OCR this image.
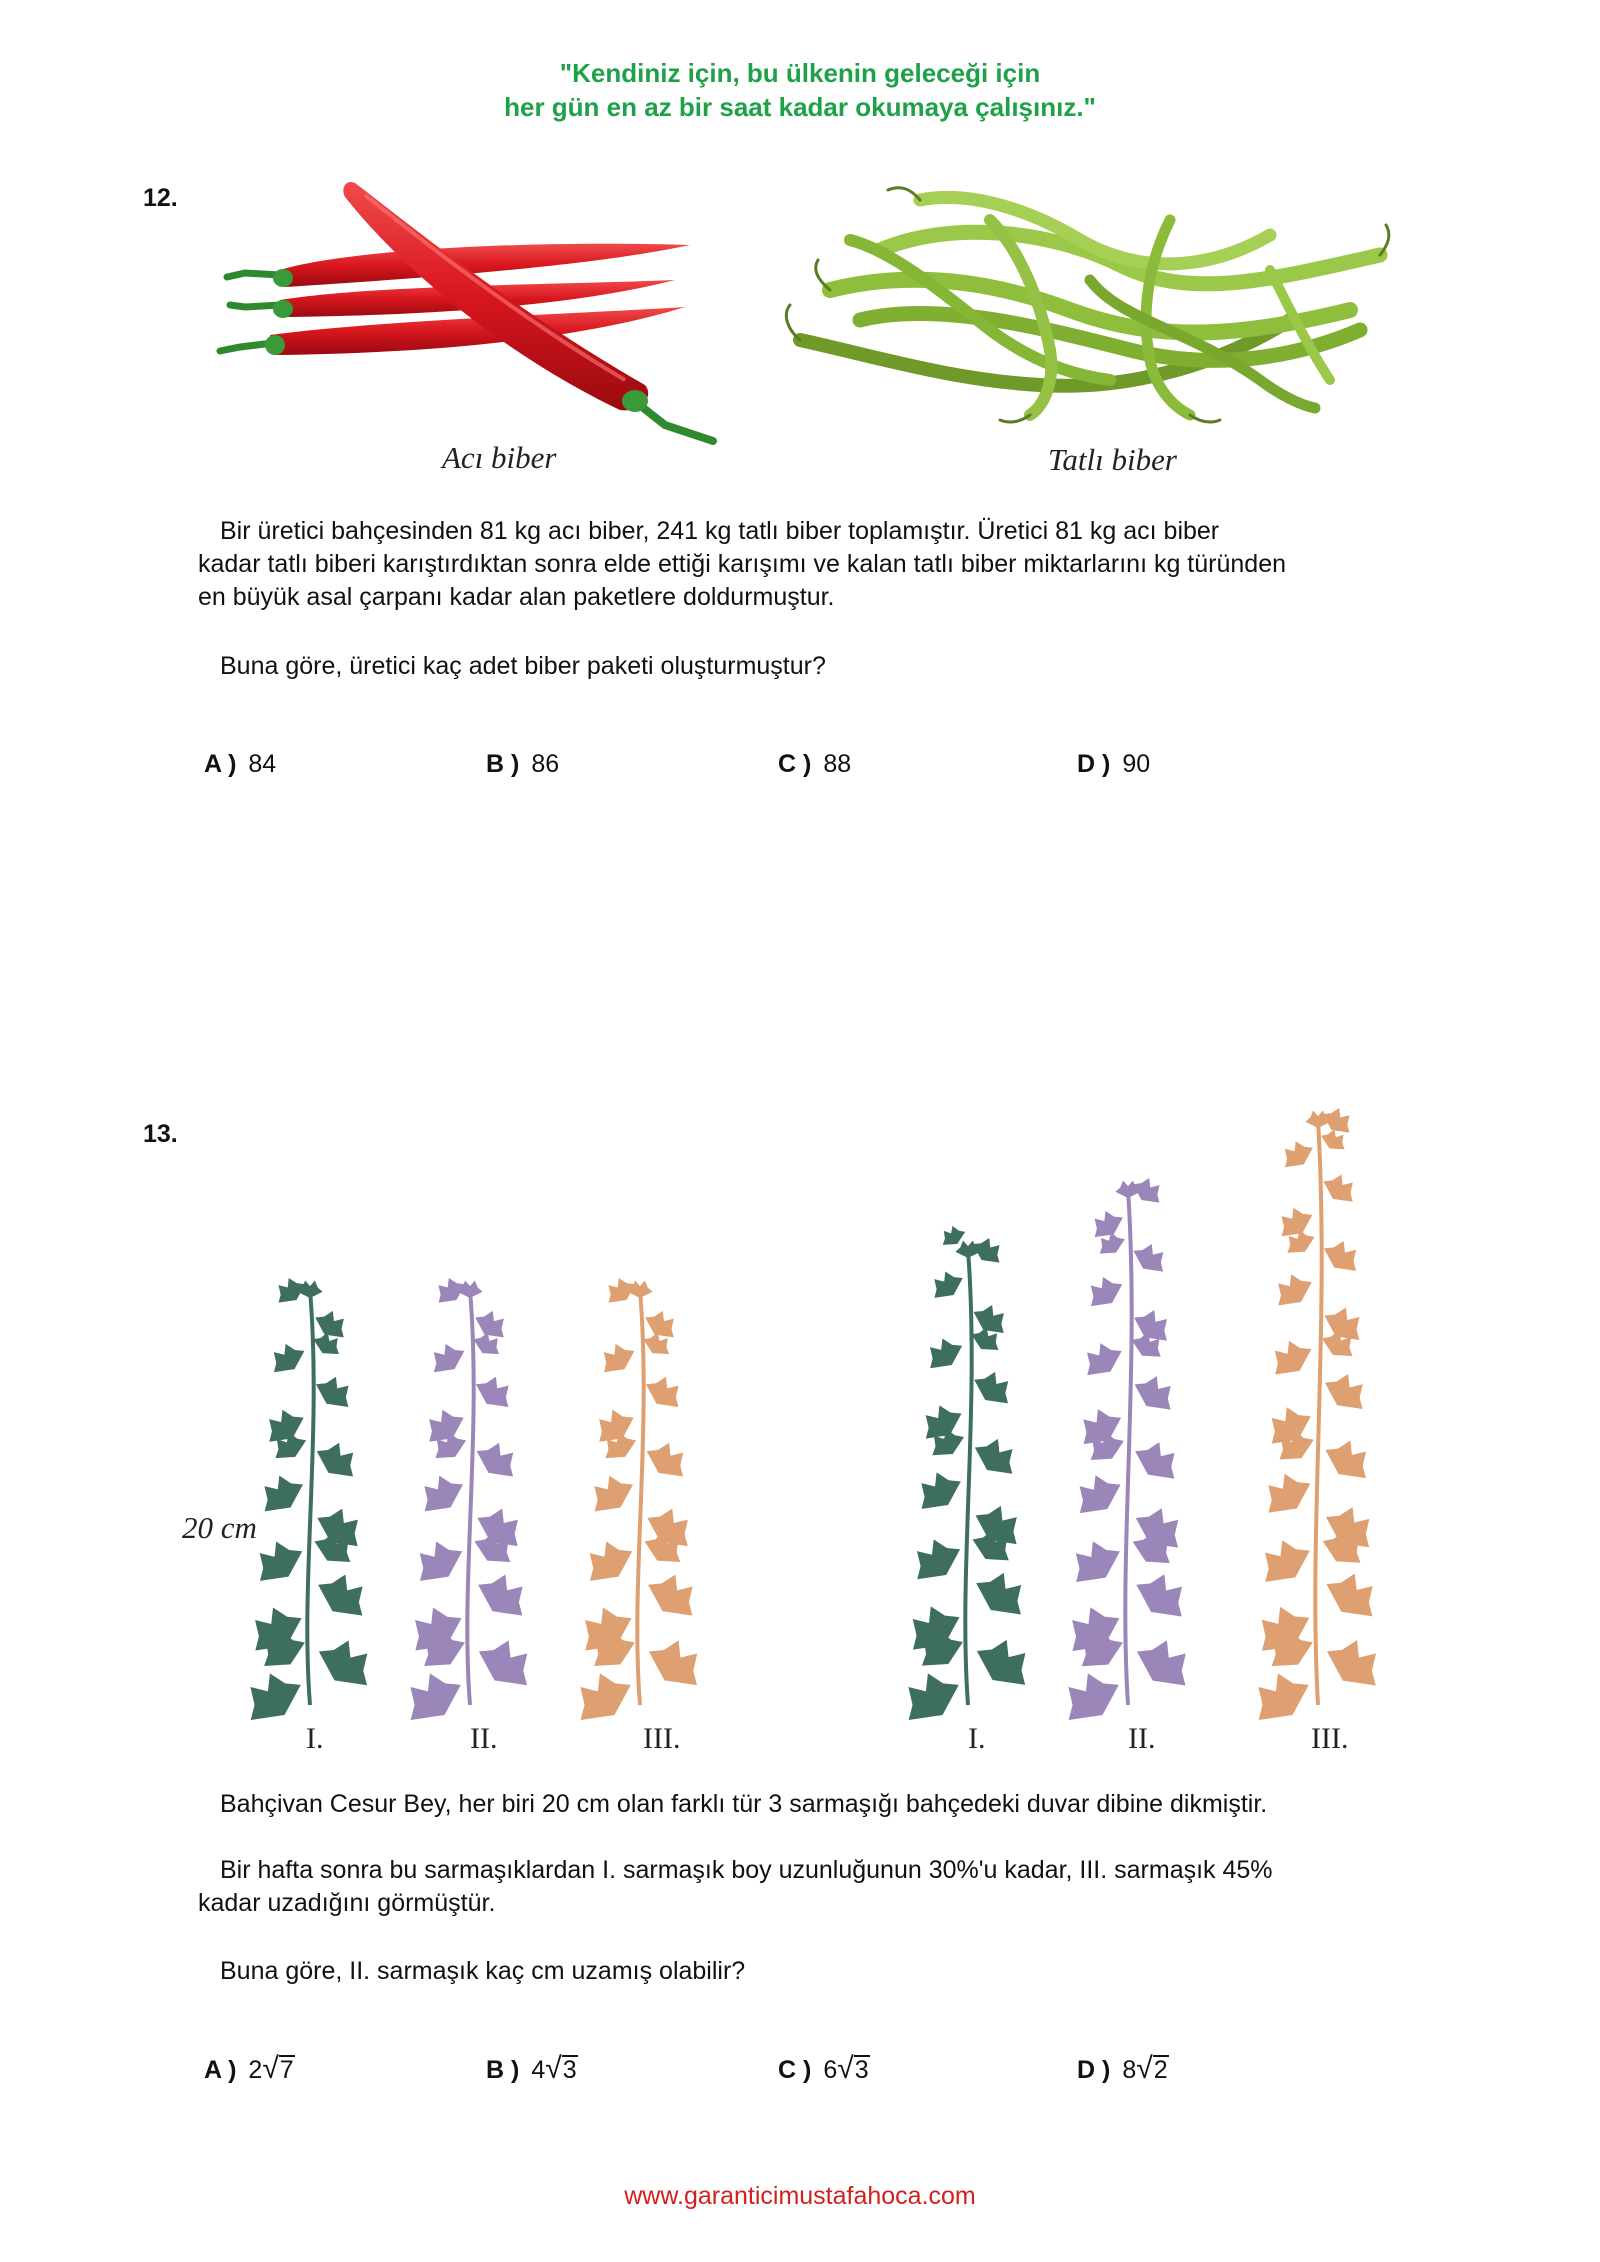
"Kendiniz için, bu ülkenin geleceği için
her gün en az bir saat kadar okumaya çalışınız."
12.
Acı biber	Tatlı biber
Bir üretici bahçesinden 81 kg acı biber, 241 kg tatlı biber toplamıştır. Üretici 81 kg acı biber
kadar tatlı biberi karıştırdıktan sonra elde ettiği karışımı ve kalan tatlı biber miktarlarını kg türünden
en büyük asal çarpanı kadar alan paketlere doldurmuştur.
Buna göre, üretici kaç adet biber paketi oluşturmuştur?
A ) 84	B ) 86	C ) 88	D ) 90
13.
20 cm
I.	II.	III.	I.	II.	III.
Bahçivan Cesur Bey, her biri 20 cm olan farklı tür 3 sarmaşığı bahçedeki duvar dibine dikmiştir.
Bir hafta sonra bu sarmaşıklardan I. sarmaşık boy uzunluğunun 30%'u kadar, III. sarmaşık 45%
kadar uzadığını görmüştür.
Buna göre, II. sarmaşık kaç cm uzamış olabilir?
A ) 2 √ 7	B ) 4 √ 3	C ) 6 √ 3	D ) 8 √ 2
www.garanticimustafahoca.com
